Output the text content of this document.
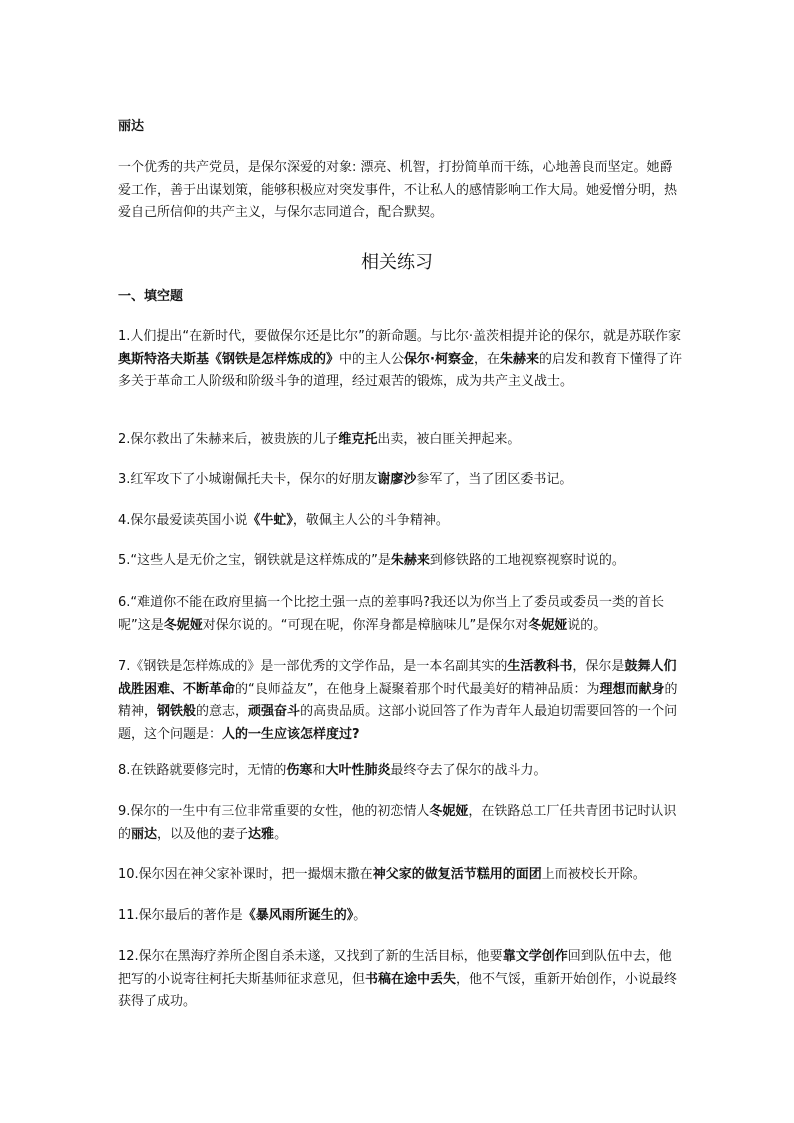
丽达
一个优秀的共产党员，是保尔深爱的对象: 漂亮、机智，打扮简单而干练，心地善良而坚定。她爵爱工作，善于出谋划策，能够积极应对突发事件，不让私人的感情影响工作大局。她爱憎分明，热爱自己所信仰的共产主义，与保尔志同道合，配合默契。
相关练习
一、填空题
1.人们提出“在新时代，要做保尔还是比尔”的新命题。与比尔·盖茨相提并论的保尔，就是苏联作家奥斯特洛夫斯基《钢铁是怎样炼成的》中的主人公保尔·柯察金，在朱赫来的启发和教育下懂得了许多关于革命工人阶级和阶级斗争的道理，经过艰苦的锻炼，成为共产主义战士。
2.保尔救出了朱赫来后，被贵族的儿子维克托出卖，被白匪关押起来。
3.红军攻下了小城谢佩托夫卡，保尔的好朋友谢廖沙参军了，当了团区委书记。
4.保尔最爱读英国小说《牛虻》，敬佩主人公的斗争精神。
5.“这些人是无价之宝，钢铁就是这样炼成的”是朱赫来到修铁路的工地视察视察时说的。
6.“难道你不能在政府里搞一个比挖土强一点的差事吗?我还以为你当上了委员或委员一类的首长呢”这是冬妮娅对保尔说的。“可现在呢，你浑身都是樟脑味儿”是保尔对冬妮娅说的。
7.《钢铁是怎样炼成的》是一部优秀的文学作品，是一本名副其实的生活教科书，保尔是鼓舞人们战胜困难、不断革命的“良师益友”，在他身上凝聚着那个时代最美好的精神品质：为理想而献身的精神，钢铁般的意志，顽强奋斗的高贵品质。这部小说回答了作为青年人最迫切需要回答的一个问题，这个问题是：人的一生应该怎样度过?
8.在铁路就要修完时，无情的伤寒和大叶性肺炎最终夺去了保尔的战斗力。
9.保尔的一生中有三位非常重要的女性，他的初恋情人冬妮娅，在铁路总工厂任共青团书记时认识的丽达，以及他的妻子达雅。
10.保尔因在神父家补课时，把一撮烟末撒在神父家的做复活节糕用的面团上而被校长开除。
11.保尔最后的著作是《暴风雨所诞生的》。
12.保尔在黑海疗养所企图自杀未遂，又找到了新的生活目标，他要靠文学创作回到队伍中去，他把写的小说寄往柯托夫斯基师征求意见，但书稿在途中丢失，他不气馁，重新开始创作，小说最终获得了成功。
